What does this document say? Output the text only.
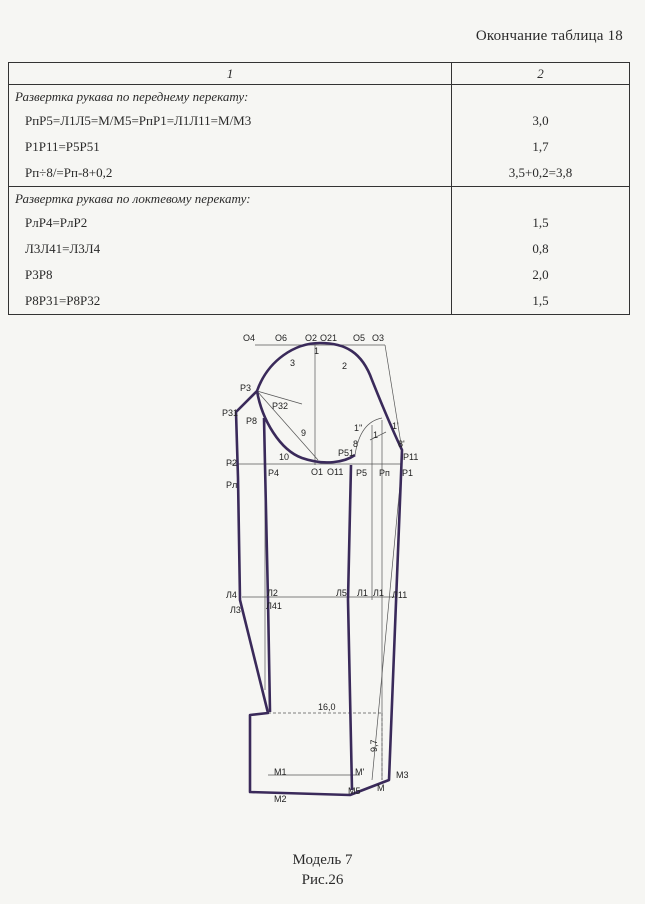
Окончание таблица 18
1	2
Развертка рукава по переднему перекату:	
РпР5=Л1Л5=М/М5=РпР1=Л1Л11=М/М3	3,0
Р1Р11=Р5Р51	1,7
Рп÷8/=Рп-8+0,2	3,5+0,2=3,8
Развертка рукава по локтевому перекату:	
РлР4=РлР2	1,5
Л3Л41=Л3Л4	0,8
Р3Р8	2,0
Р8Р31=Р8Р32	1,5
О4 О6 О2 О21 О5 О3
1
2
3
Р3
Р32
Р31
Р8
9
10
О1 О11
1''	1'
1
8
Р51
8'
Р11
Р2
Р4	Р5 Рп Р1
Рл
Л4	Л2	Л5 Л1 Л1 Л11
Л3	Л41
16,0
9,7
М1	М'	М3
М5 М
М2
Модель 7
Рис.26
